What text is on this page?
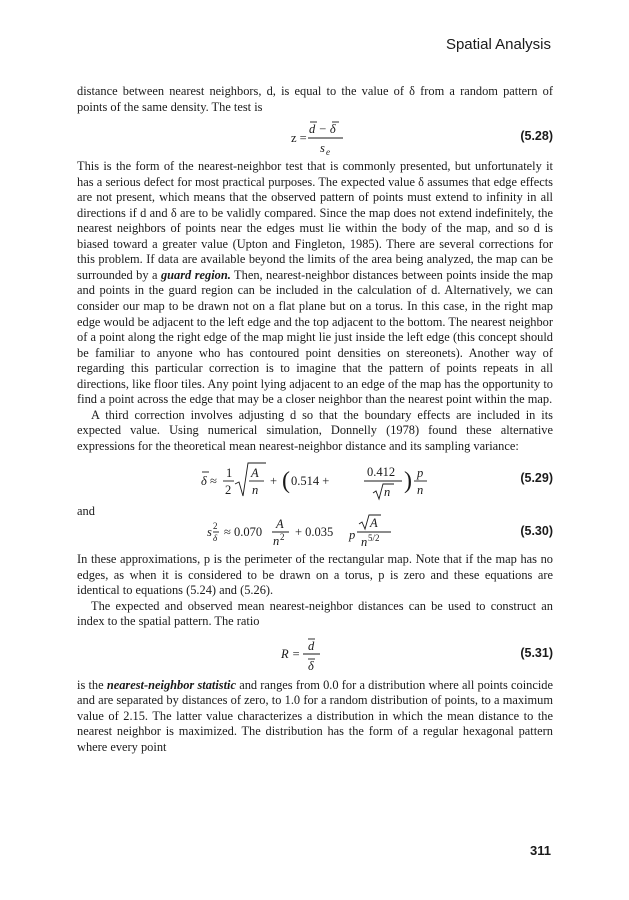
Spatial Analysis

distance between nearest neighbors, d, is equal to the value of δ from a random pattern of points of the same density. The test is

z =
d − δ
s e
(5.28)

This is the form of the nearest-neighbor test that is commonly presented, but unfortunately it has a serious defect for most practical purposes. The expected value δ assumes that edge effects are not present, which means that the observed pattern of points must extend to infinity in all directions if d and δ are to be validly compared. Since the map does not extend indefinitely, the nearest neighbors of points near the edges must lie within the body of the map, and so d is biased toward a greater value (Upton and Fingleton, 1985). There are several corrections for this problem. If data are available beyond the limits of the area being analyzed, the map can be surrounded by a guard region. Then, nearest-neighbor distances between points inside the map and points in the guard region can be included in the calculation of d. Alternatively, we can consider our map to be drawn not on a flat plane but on a torus. In this case, in the right map edge would be adjacent to the left edge and the top adjacent to the bottom. The nearest neighbor of a point along the right edge of the map might lie just inside the left edge (this concept should be familiar to anyone who has contoured point densities on stereonets). Another way of regarding this particular correction is to imagine that the pattern of points repeats in all directions, like floor tiles. Any point lying adjacent to an edge of the map has the opportunity to find a point across the edge that may be a closer neighbor than the nearest point within the map.

A third correction involves adjusting d so that the boundary effects are included in its expected value. Using numerical simulation, Donnelly (1978) found these alternative expressions for the theoretical mean nearest-neighbor distance and its sampling variance:

δ ≈
1
2
A
n
+ ( 0.514 +
0.412
n ) p
n
(5.29)

and

s 2
δ ≈ 0.070
A
n 2 + 0.035 p
A
n 5/2	(5.30)

In these approximations, p is the perimeter of the rectangular map. Note that if the map has no edges, as when it is considered to be drawn on a torus, p is zero and these equations are identical to equations (5.24) and (5.26).

The expected and observed mean nearest-neighbor distances can be used to construct an index to the spatial pattern. The ratio

R =
d
δ
(5.31)

is the nearest-neighbor statistic and ranges from 0.0 for a distribution where all points coincide and are separated by distances of zero, to 1.0 for a random distribution of points, to a maximum value of 2.15. The latter value characterizes a distribution in which the mean distance to the nearest neighbor is maximized. The distribution has the form of a regular hexagonal pattern where every point

311
